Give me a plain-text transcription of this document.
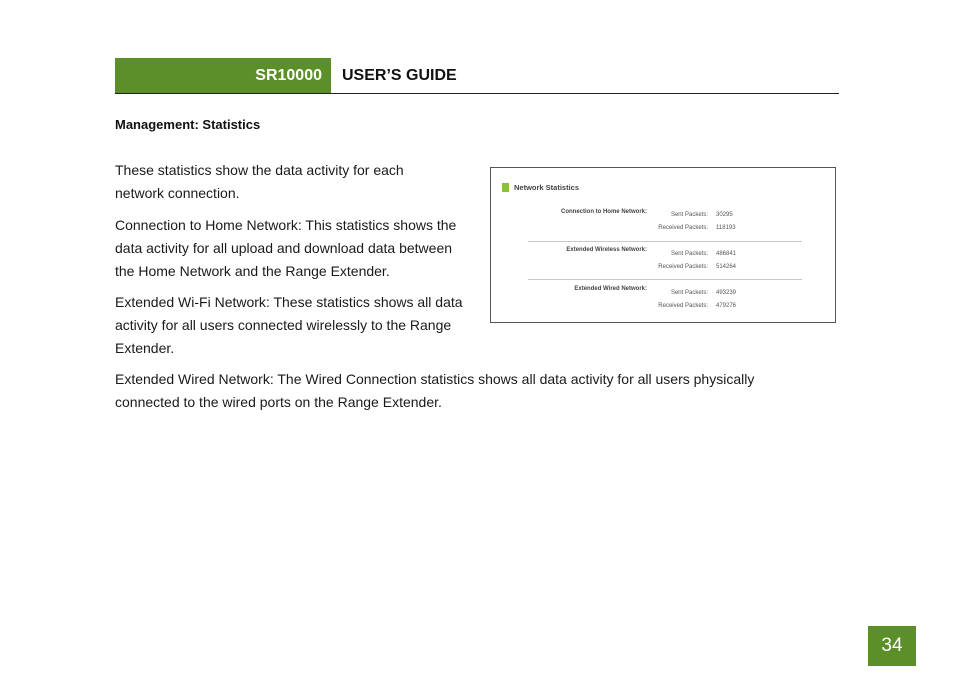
SR10000	USER’S GUIDE
Management: Statistics

These statistics show the data activity for each network connection.

Connection to Home Network: This statistics shows the data activity for all upload and download data between the Home Network and the Range Extender.

Extended Wi-Fi Network: These statistics shows all data activity for all users connected wirelessly to the Range Extender.

Extended Wired Network: The Wired Connection statistics shows all data activity for all users physically connected to the wired ports on the Range Extender.

Network Statistics
Connection to Home Network:	Sent Packets: 30295
Received Packets: 118193
Extended Wireless Network:
Sent Packets: 486841
Received Packets: 514264
Extended Wired Network:
Sent Packets: 493239
Received Packets: 479276
34
